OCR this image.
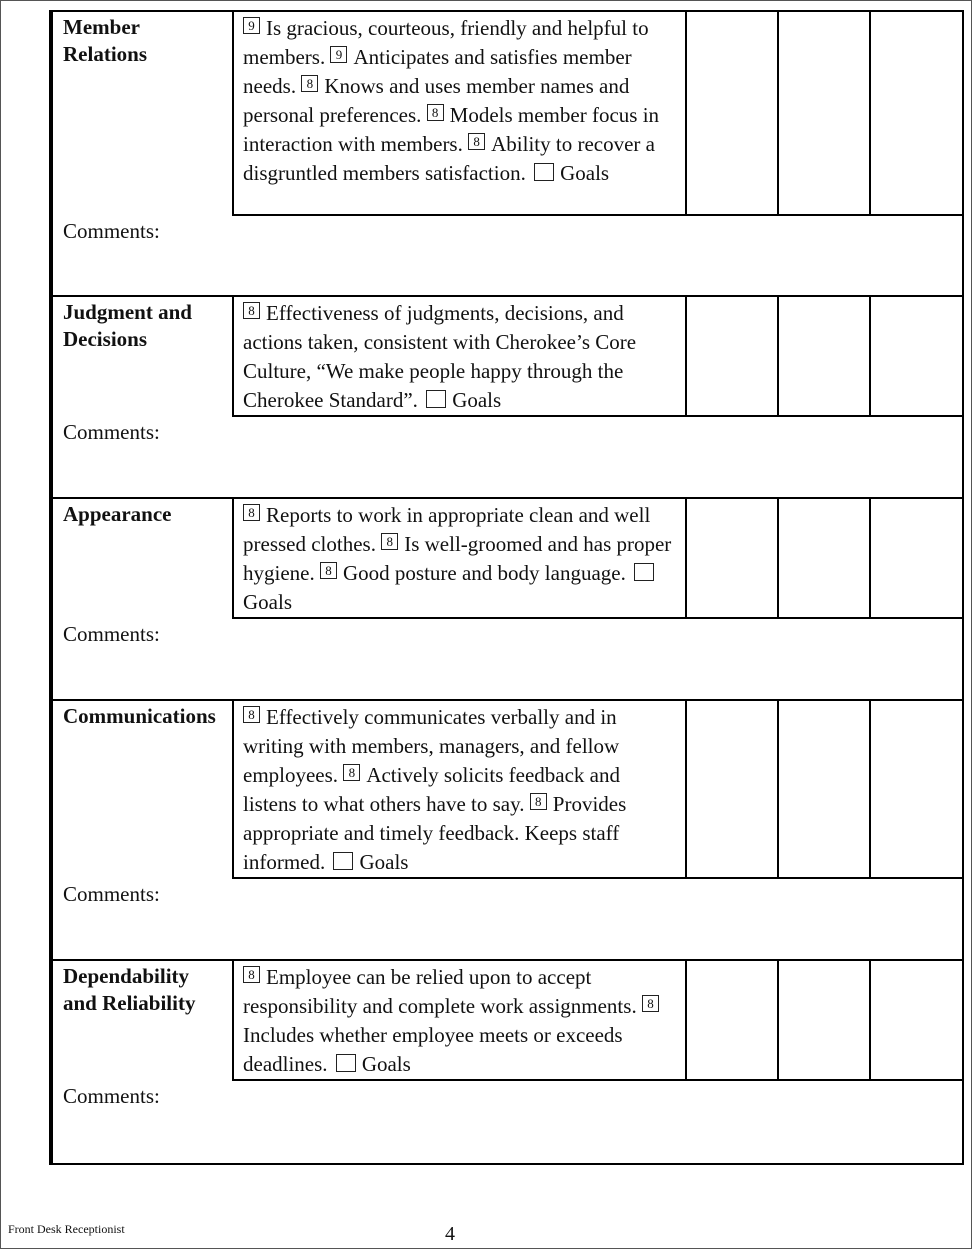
Member
Relations	9 Is gracious, courteous, friendly and helpful to members. 9 Anticipates and satisfies member needs. 8 Knows and uses member names and personal preferences. 8 Models member focus in interaction with members. 8 Ability to recover a disgruntled members satisfaction. Goals			
Comments:				

Judgment and
Decisions	8 Effectiveness of judgments, decisions, and actions taken, consistent with Cherokee’s Core Culture, “We make people happy through the Cherokee Standard”. Goals			
Comments:				

Appearance	8 Reports to work in appropriate clean and well pressed clothes. 8 Is well-groomed and has proper hygiene. 8 Good posture and body language. Goals			
Comments:				

Communications	8 Effectively communicates verbally and in writing with members, managers, and fellow employees. 8 Actively solicits feedback and listens to what others have to say. 8 Provides appropriate and timely feedback. Keeps staff informed. Goals			
Comments:				

Dependability
and Reliability	8 Employee can be relied upon to accept responsibility and complete work assignments. 8Includes whether employee meets or exceeds deadlines. Goals			
Comments:				
Front Desk Receptionist	4
